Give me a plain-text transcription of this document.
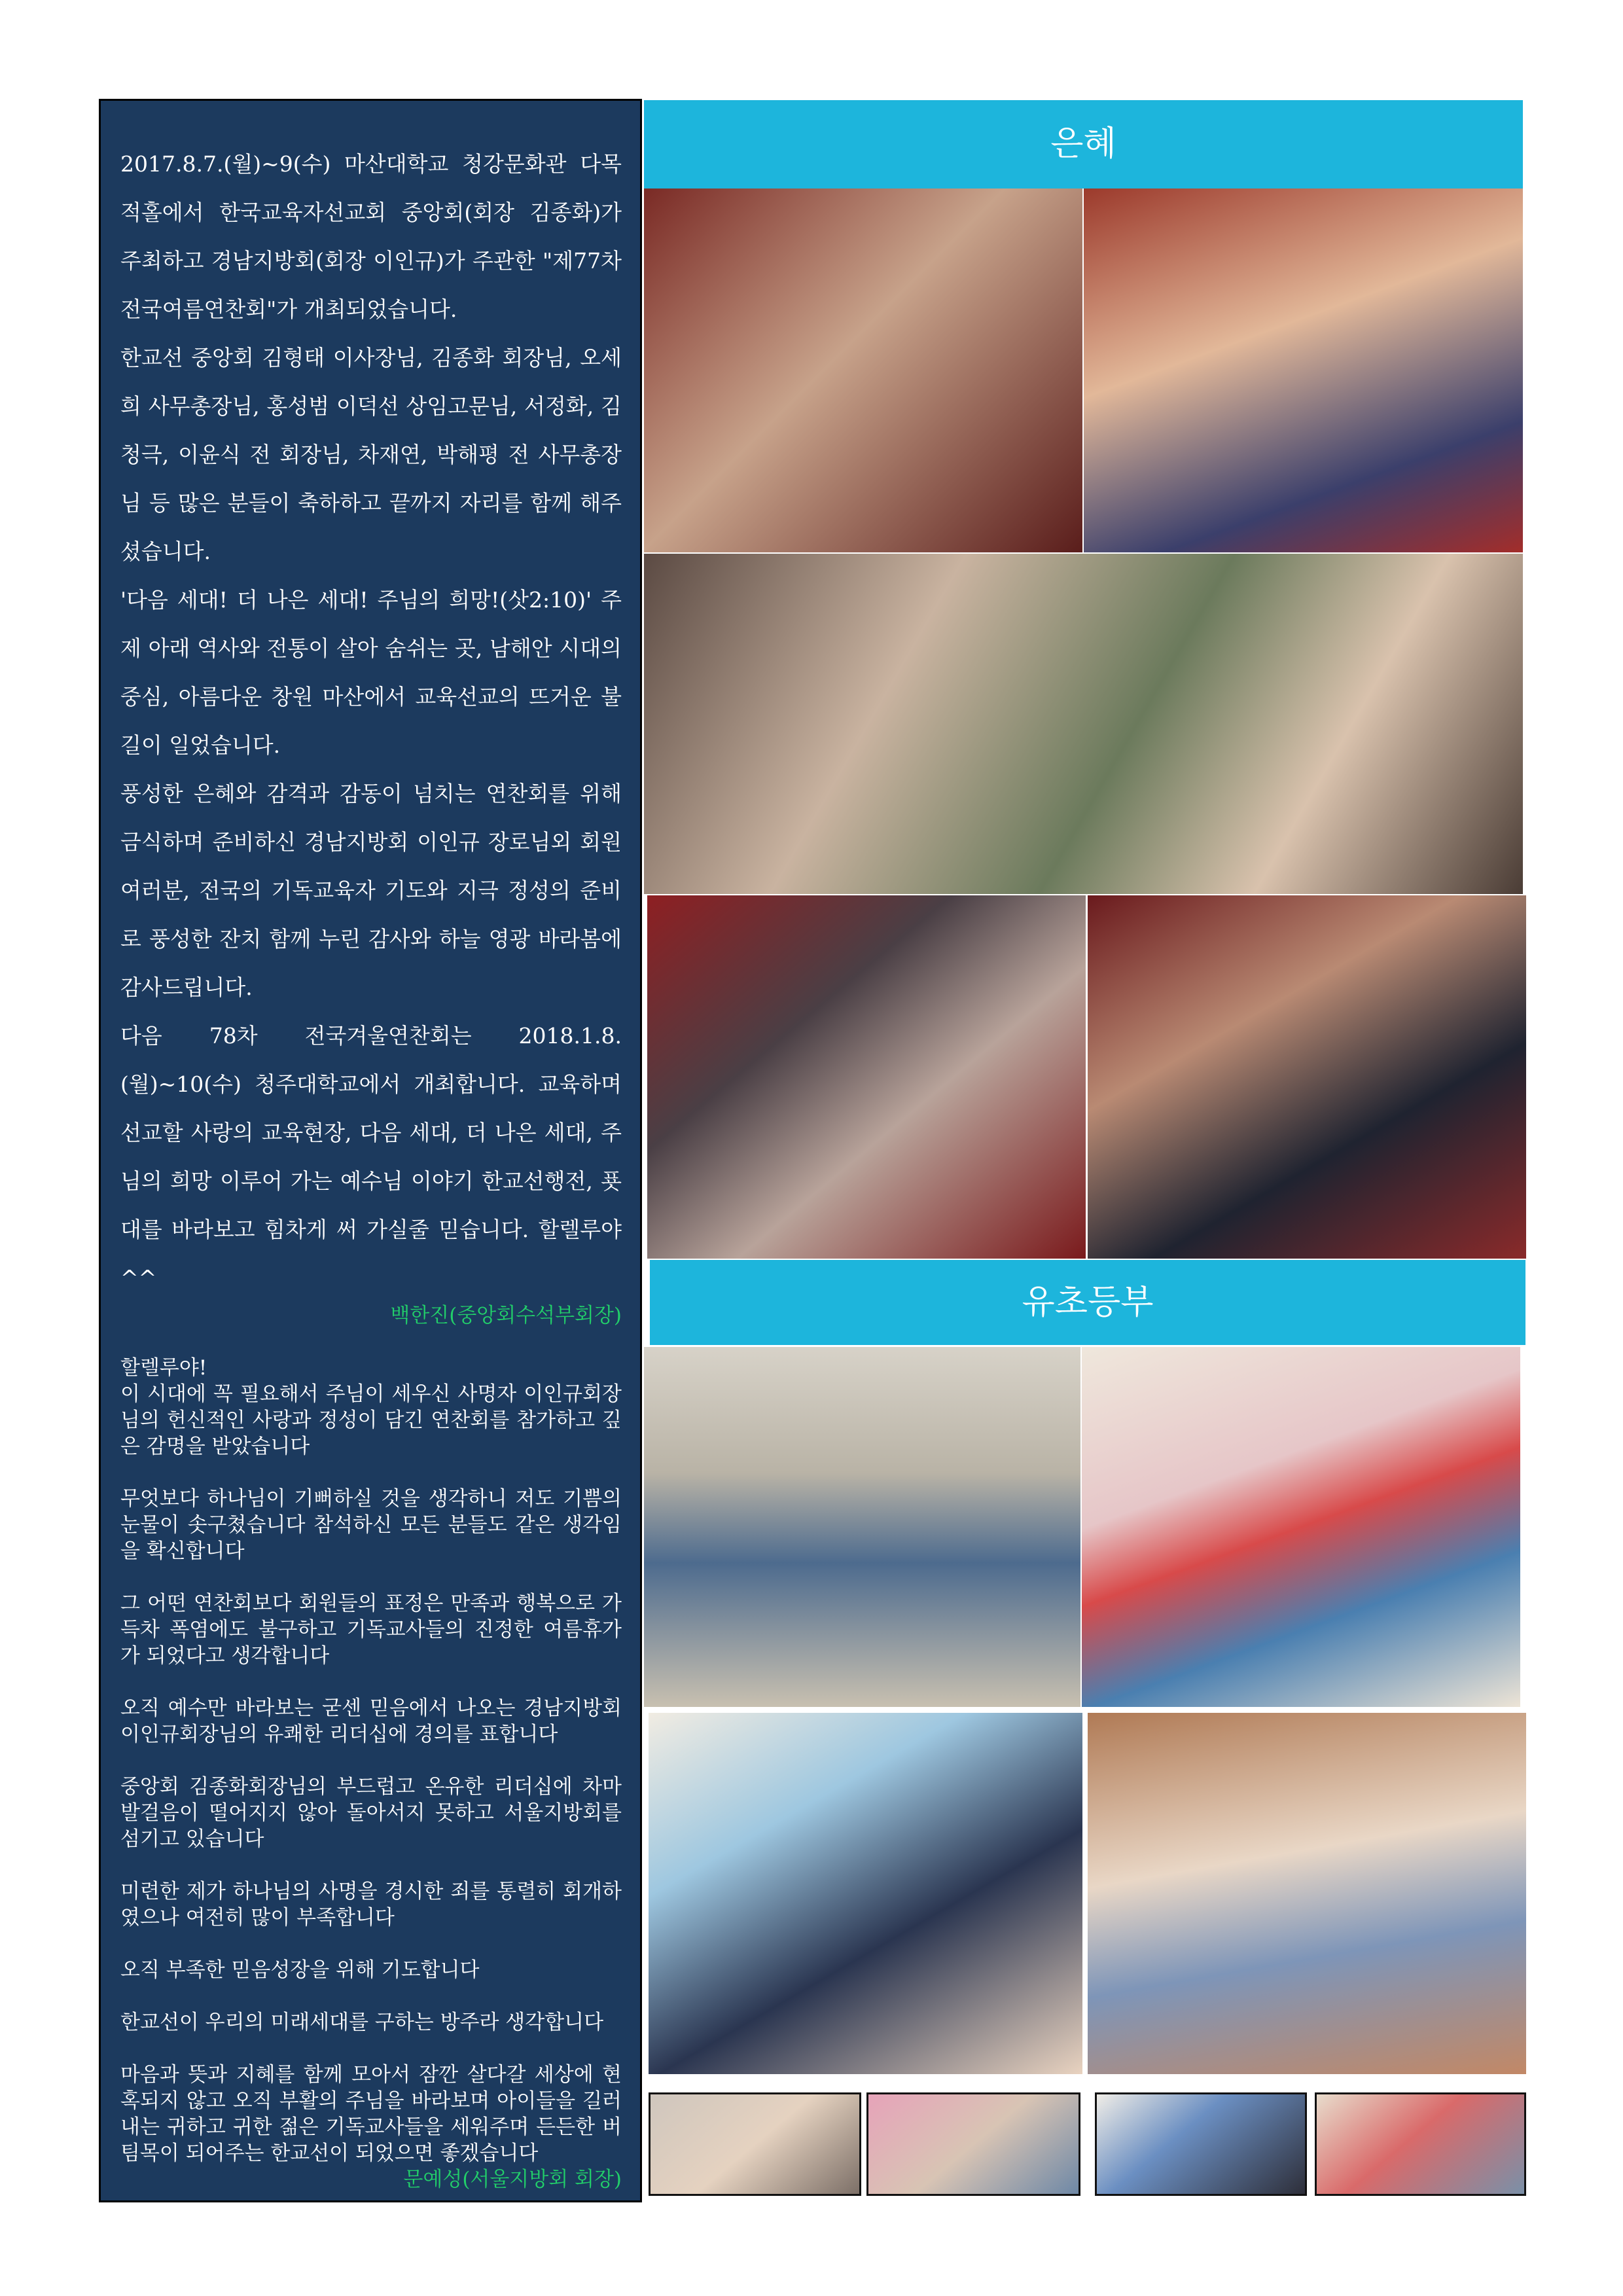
2017.8.7.(월)~9(수) 마산대학교 청강문화관 다목적홀에서 한국교육자선교회 중앙회(회장 김종화)가 주최하고 경남지방회(회장 이인규)가 주관한 "제77차 전국여름연찬회"가 개최되었습니다.

한교선 중앙회 김형태 이사장님, 김종화 회장님, 오세희 사무총장님, 홍성범 이덕선 상임고문님, 서정화, 김청극, 이윤식 전 회장님, 차재연, 박해평 전 사무총장님 등 많은 분들이 축하하고 끝까지 자리를 함께 해주셨습니다.

'다음 세대! 더 나은 세대! 주님의 희망!(삿2:10)' 주제 아래 역사와 전통이 살아 숨쉬는 곳, 남해안 시대의 중심, 아름다운 창원 마산에서 교육선교의 뜨거운 불길이 일었습니다.

풍성한 은혜와 감격과 감동이 넘치는 연찬회를 위해 금식하며 준비하신 경남지방회 이인규 장로님외 회원 여러분, 전국의 기독교육자 기도와 지극 정성의 준비로 풍성한 잔치 함께 누린 감사와 하늘 영광 바라봄에 감사드립니다.

다음 78차 전국겨울연찬회는 2018.1.8.(월)~10(수) 청주대학교에서 개최합니다. 교육하며 선교할 사랑의 교육현장, 다음 세대, 더 나은 세대, 주님의 희망 이루어 가는 예수님 이야기 한교선행전, 푯대를 바라보고 힘차게 써 가실줄 믿습니다. 할렐루야^^

백한진(중앙회수석부회장)

할렐루야!
이 시대에 꼭 필요해서 주님이 세우신 사명자 이인규회장님의 헌신적인 사랑과 정성이 담긴 연찬회를 참가하고 깊은 감명을 받았습니다

무엇보다 하나님이 기뻐하실 것을 생각하니 저도 기쁨의 눈물이 솟구쳤습니다 참석하신 모든 분들도 같은 생각임을 확신합니다

그 어떤 연찬회보다 회원들의 표정은 만족과 행복으로 가득차 폭염에도 불구하고 기독교사들의 진정한 여름휴가가 되었다고 생각합니다

오직 예수만 바라보는 굳센 믿음에서 나오는 경남지방회 이인규회장님의 유쾌한 리더십에 경의를 표합니다

중앙회 김종화회장님의 부드럽고 온유한 리더십에 차마 발걸음이 떨어지지 않아 돌아서지 못하고 서울지방회를 섬기고 있습니다

미련한 제가 하나님의 사명을 경시한 죄를 통렬히 회개하였으나 여전히 많이 부족합니다

오직 부족한 믿음성장을 위해 기도합니다

한교선이 우리의 미래세대를 구하는 방주라 생각합니다

마음과 뜻과 지혜를 함께 모아서 잠깐 살다갈 세상에 현혹되지 않고 오직 부활의 주님을 바라보며 아이들을 길러내는 귀하고 귀한 젊은 기독교사들을 세워주며 든든한 버팀목이 되어주는 한교선이 되었으면 좋겠습니다

문예성(서울지방회 회장)

은혜
유초등부
